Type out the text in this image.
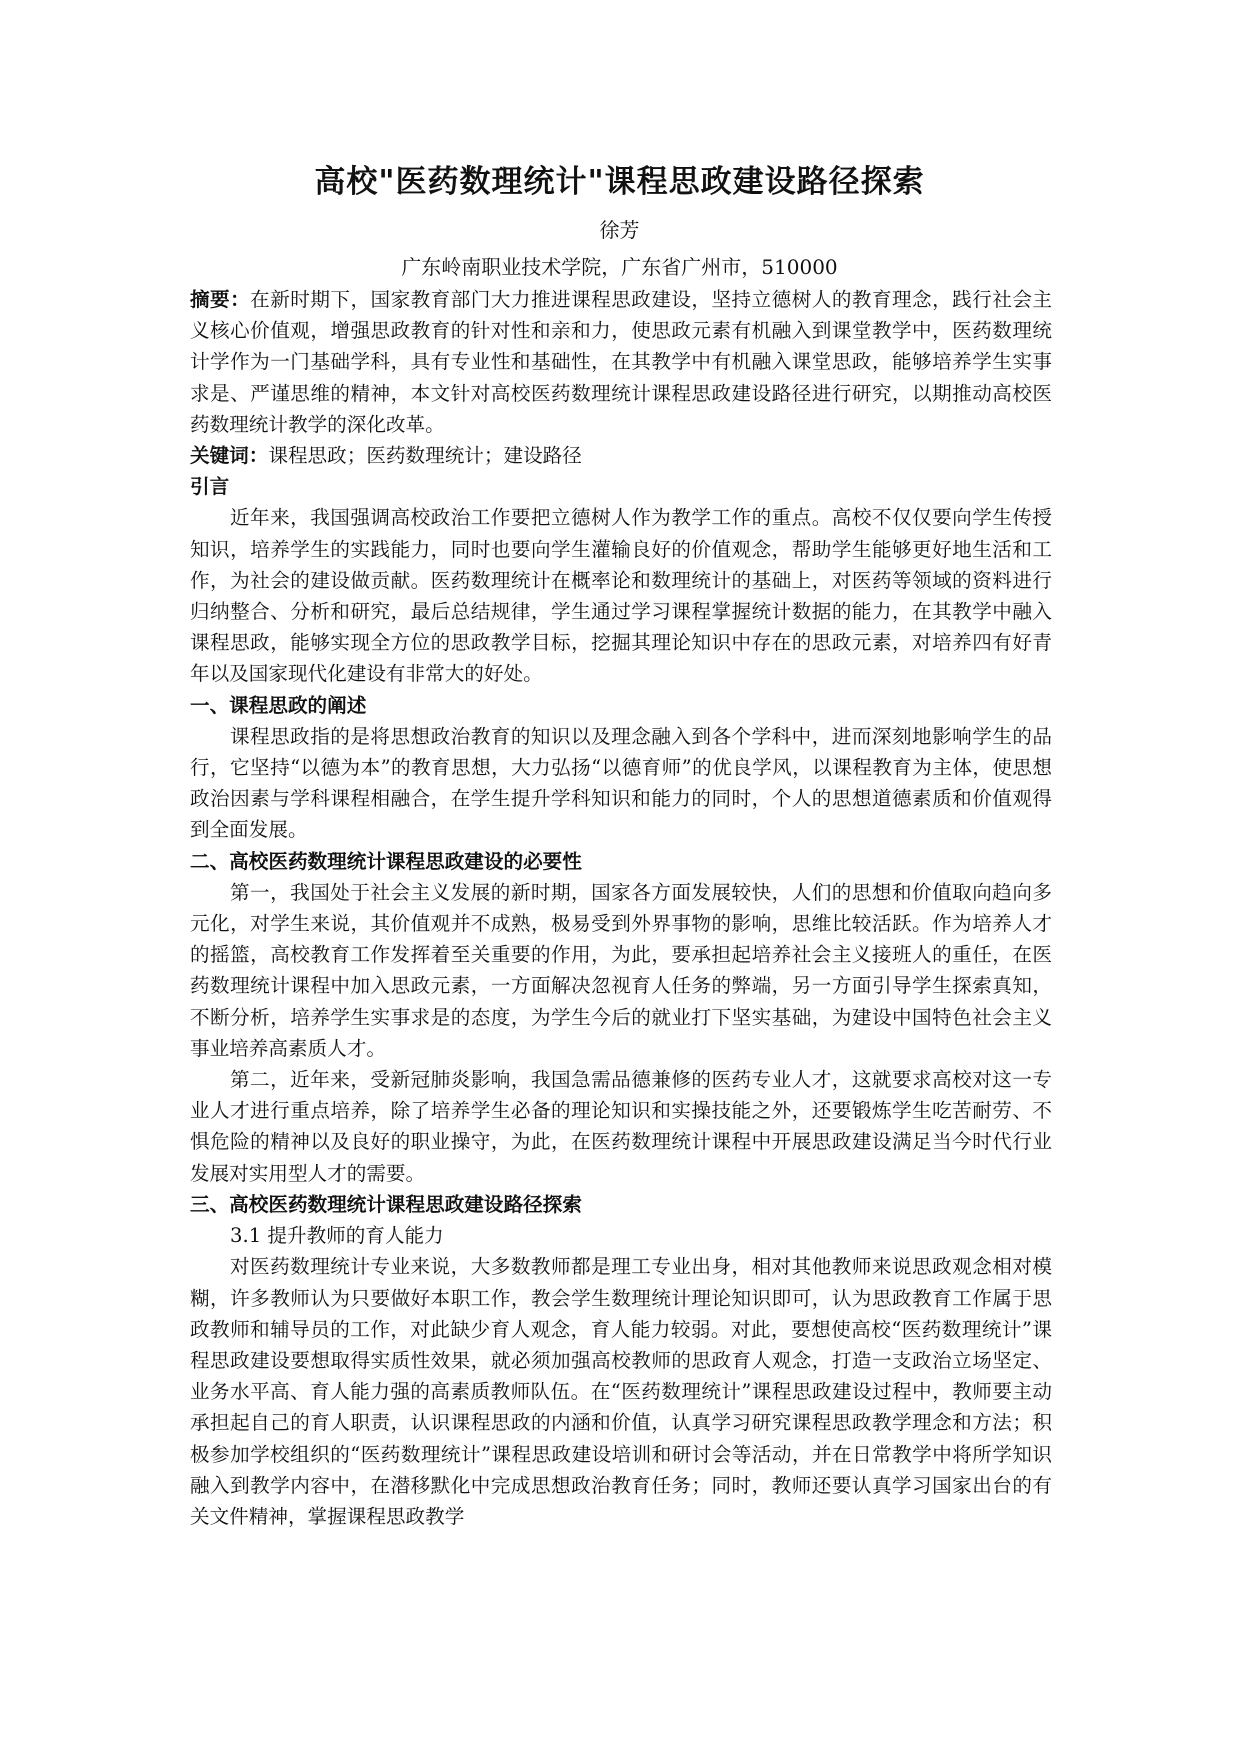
高校"医药数理统计"课程思政建设路径探索
徐芳
广东岭南职业技术学院，广东省广州市，510000

摘要：在新时期下，国家教育部门大力推进课程思政建设，坚持立德树人的教育理念，践行社会主义核心价值观，增强思政教育的针对性和亲和力，使思政元素有机融入到课堂教学中，医药数理统计学作为一门基础学科，具有专业性和基础性，在其教学中有机融入课堂思政，能够培养学生实事求是、严谨思维的精神，本文针对高校医药数理统计课程思政建设路径进行研究，以期推动高校医药数理统计教学的深化改革。

关键词：课程思政；医药数理统计；建设路径

引言

近年来，我国强调高校政治工作要把立德树人作为教学工作的重点。高校不仅仅要向学生传授知识，培养学生的实践能力，同时也要向学生灌输良好的价值观念，帮助学生能够更好地生活和工作，为社会的建设做贡献。医药数理统计在概率论和数理统计的基础上，对医药等领域的资料进行归纳整合、分析和研究，最后总结规律，学生通过学习课程掌握统计数据的能力，在其教学中融入课程思政，能够实现全方位的思政教学目标，挖掘其理论知识中存在的思政元素，对培养四有好青年以及国家现代化建设有非常大的好处。

一、课程思政的阐述

课程思政指的是将思想政治教育的知识以及理念融入到各个学科中，进而深刻地影响学生的品行，它坚持“以德为本”的教育思想，大力弘扬“以德育师”的优良学风，以课程教育为主体，使思想政治因素与学科课程相融合，在学生提升学科知识和能力的同时，个人的思想道德素质和价值观得到全面发展。

二、高校医药数理统计课程思政建设的必要性

第一，我国处于社会主义发展的新时期，国家各方面发展较快，人们的思想和价值取向趋向多元化，对学生来说，其价值观并不成熟，极易受到外界事物的影响，思维比较活跃。作为培养人才的摇篮，高校教育工作发挥着至关重要的作用，为此，要承担起培养社会主义接班人的重任，在医药数理统计课程中加入思政元素，一方面解决忽视育人任务的弊端，另一方面引导学生探索真知，不断分析，培养学生实事求是的态度，为学生今后的就业打下坚实基础，为建设中国特色社会主义事业培养高素质人才。

第二，近年来，受新冠肺炎影响，我国急需品德兼修的医药专业人才，这就要求高校对这一专业人才进行重点培养，除了培养学生必备的理论知识和实操技能之外，还要锻炼学生吃苦耐劳、不惧危险的精神以及良好的职业操守，为此，在医药数理统计课程中开展思政建设满足当今时代行业发展对实用型人才的需要。

三、高校医药数理统计课程思政建设路径探索

3.1 提升教师的育人能力

对医药数理统计专业来说，大多数教师都是理工专业出身，相对其他教师来说思政观念相对模糊，许多教师认为只要做好本职工作，教会学生数理统计理论知识即可，认为思政教育工作属于思政教师和辅导员的工作，对此缺少育人观念，育人能力较弱。对此，要想使高校“医药数理统计”课程思政建设要想取得实质性效果，就必须加强高校教师的思政育人观念，打造一支政治立场坚定、业务水平高、育人能力强的高素质教师队伍。在“医药数理统计”课程思政建设过程中，教师要主动承担起自己的育人职责，认识课程思政的内涵和价值，认真学习研究课程思政教学理念和方法；积极参加学校组织的“医药数理统计”课程思政建设培训和研讨会等活动，并在日常教学中将所学知识融入到教学内容中，在潜移默化中完成思想政治教育任务；同时，教师还要认真学习国家出台的有关文件精神，掌握课程思政教学
